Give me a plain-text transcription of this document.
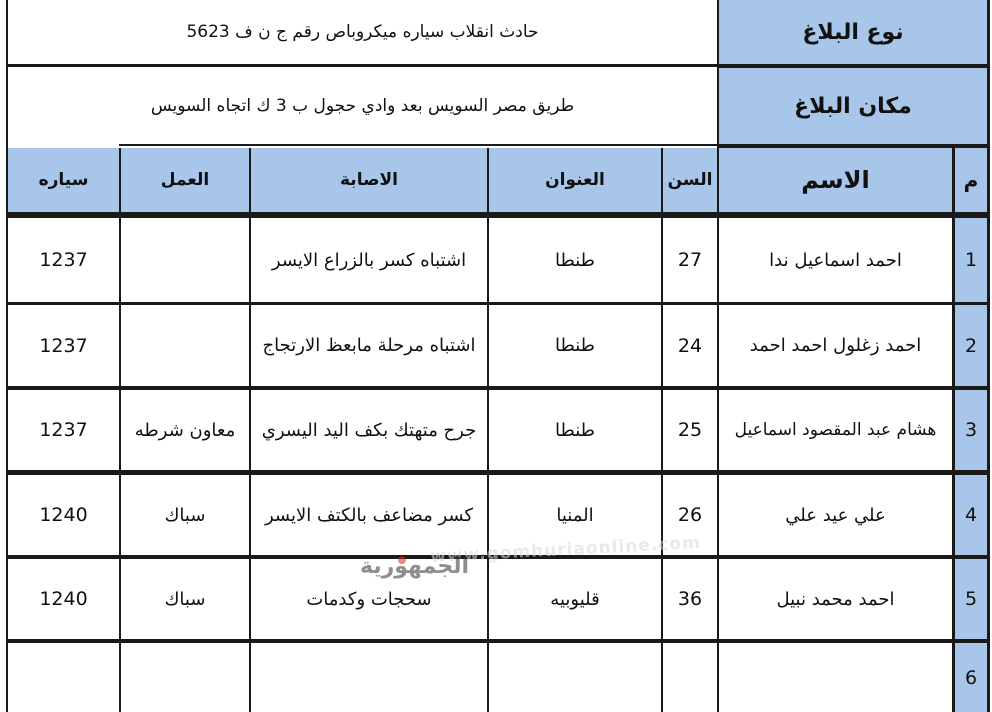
نوع البلاغ
حادث انقلاب سياره ميكروباص رقم ج ن ف 5623
مكان البلاغ
طريق مصر السويس بعد وادي حجول ب 3 ك اتجاه السويس
م
الاسم
السن
العنوان
الاصابة
العمل
سياره
1
احمد اسماعيل ندا
27
طنطا
اشتباه كسر بالزراع الايسر
1237
2
احمد زغلول احمد احمد
24
طنطا
اشتباه مرحلة مابعظ الارتجاج
1237
3
هشام عبد المقصود اسماعيل
25
طنطا
جرح متهتك بكف اليد اليسري
معاون شرطه
1237
4
علي عيد علي
26
المنيا
كسر مضاعف بالكتف الايسر
سباك
1240
5
احمد محمد نبيل
36
قليوبيه
سحجات وكدمات
سباك
1240
6
www.gomhuriaonline.com
الجمهورية
